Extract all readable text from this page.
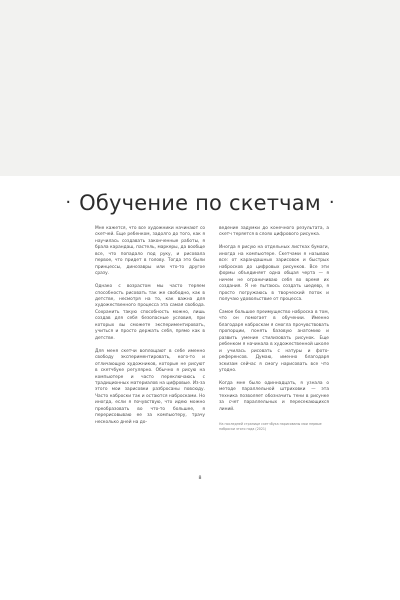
· Обучение по скетчам ·

Мне кажется, что все художники начинают со скетчей. Еще ребенком, задолго до того, как я научилась создавать законченные работы, я брала карандаш, пастель, маркеры, да вообще все, что попадало под руку, и рисовала первое, что придет в голову. Тогда это были принцессы, динозавры или что-то другое сразу.

Однако с возрастом мы часто теряем способность рисовать так же свободно, как в детстве, несмотря на то, как важна для художественного процесса эта самая свобода. Сохранить такую способность можно, лишь создав для себя безопасные условия, при которых вы сможете экспериментировать, учиться и просто держать себя, прямо как в детстве.

Для меня скетчи воплощают в себе именно свободу экспериментировать, кого-то и отличающую художников, которые не рисуют в скетчбуке регулярно. Обычно я рисую на компьютере и часто переключаюсь с традиционных материалов на цифровые. Из-за этого мои зарисовки разбросаны повсюду. Часто наброски так и остаются набросками. Но иногда, если я почувствую, что идею можно преобразовать во что-то большее, я перерисовываю ее за компьютеру, трачу несколько дней на до-

ведение задумки до конечного результата, а скетч теряется в слоях цифрового рисунка.

Иногда я рисую на отдельных листках бумаги, иногда на компьютере. Скетчами я называю все: от карандашных зарисовок и быстрых набросков до цифровых рисунков. Все эти формы объединяет одна общая черта — я ничем не ограничиваю себя во время их создания. Я не пытаюсь создать шедевр, я просто погружаюсь в творческий поток и получаю удовольствие от процесса.

Самое большое преимущество наброска в том, что он помогает в обучении. Именно благодаря наброскам я смогла прочувствовать пропорции, понять базовую анатомию и развить умение стилизовать рисунок. Еще ребенком я начинала в художественной школе и училась рисовать с натуры и фото-референсов. Думаю, именно благодаря эскизам сейчас я смогу нарисовать все что угодно.

Когда мне было одиннадцать, я узнала о методе параллельной штриховки — эта техника позволяет обозначить тени в рисунке за счет параллельных и пересекающихся линий.

На последней странице скетчбука нарисованы мои первые наброски этого года (2021)
8
